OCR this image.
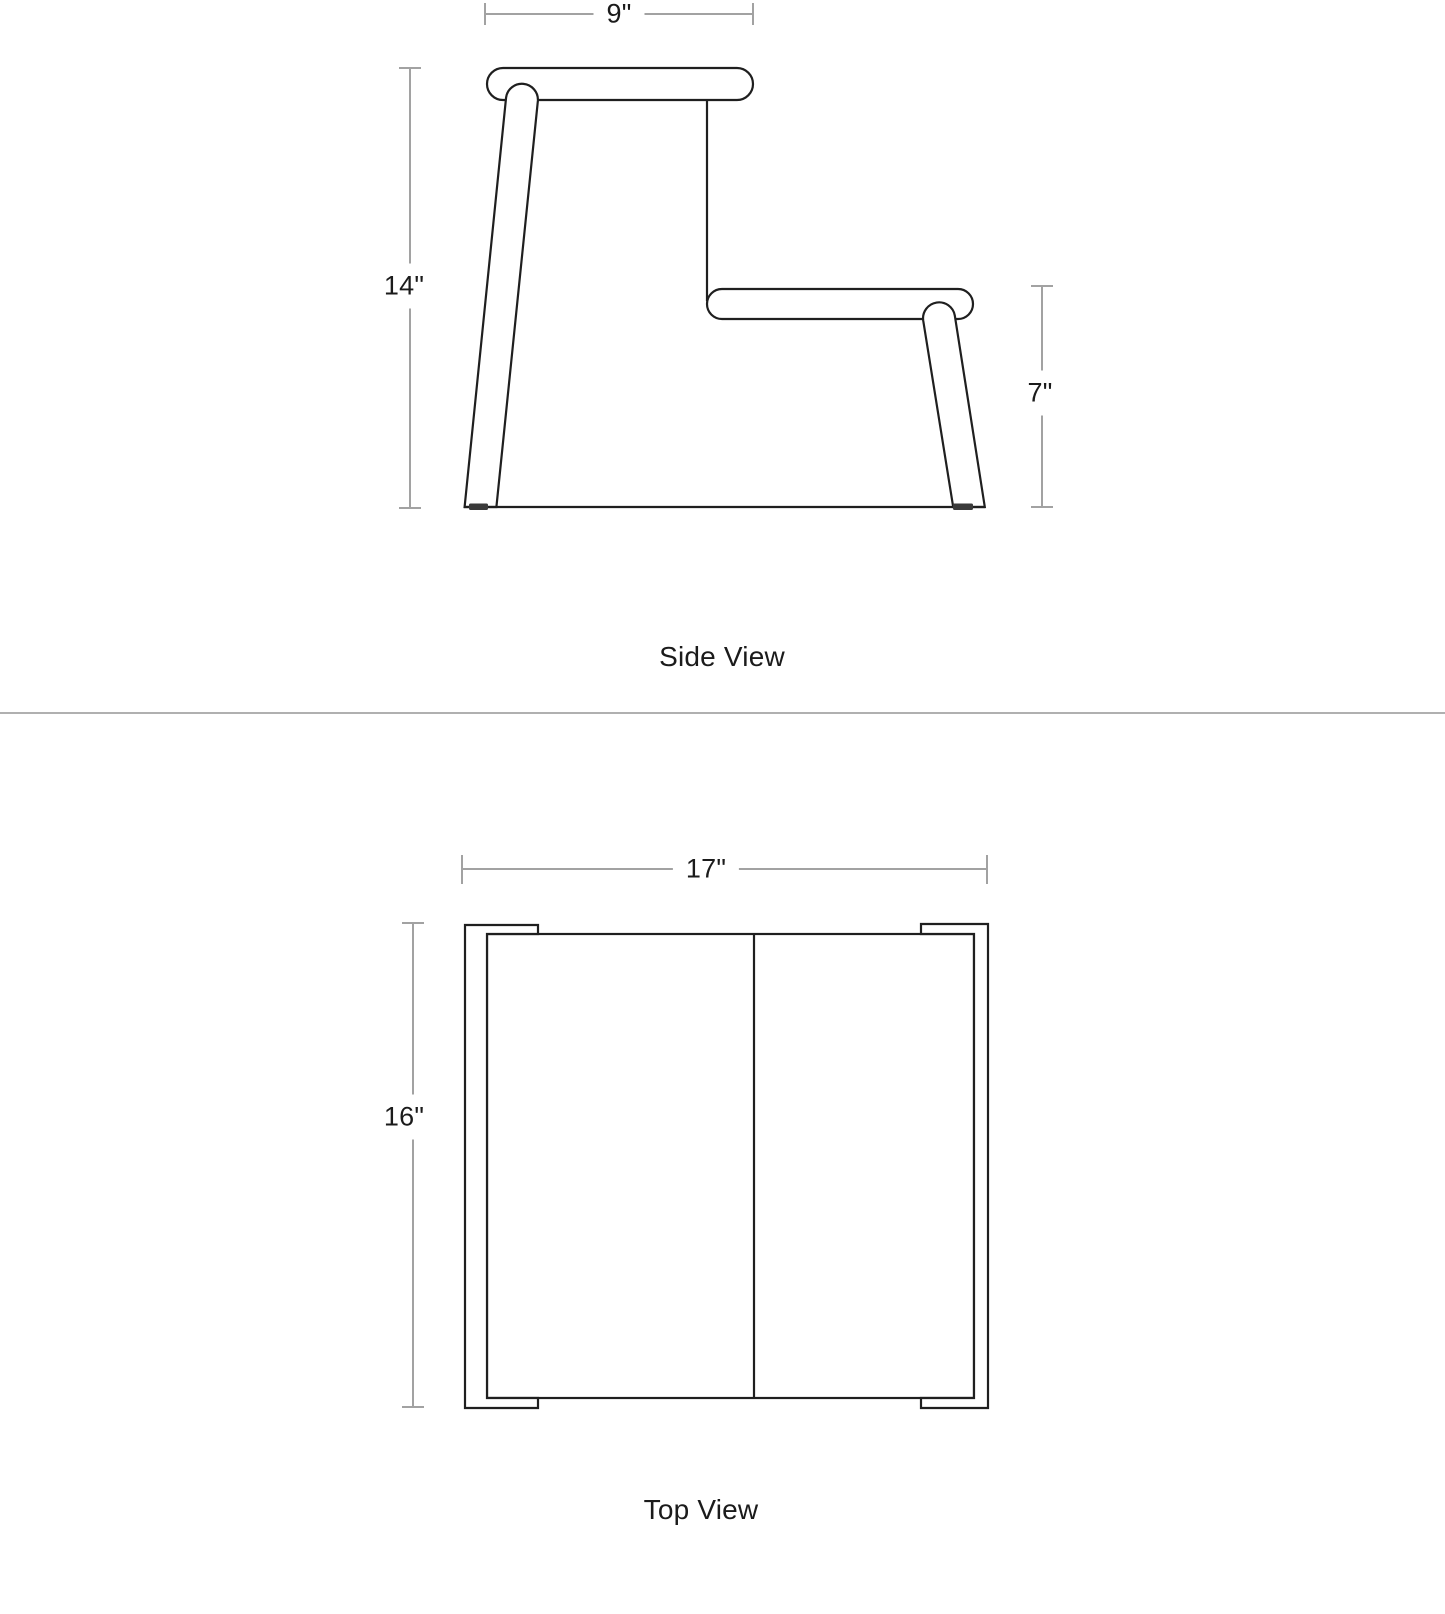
9"
14"
7"
Side View
17"
16"
Top View
